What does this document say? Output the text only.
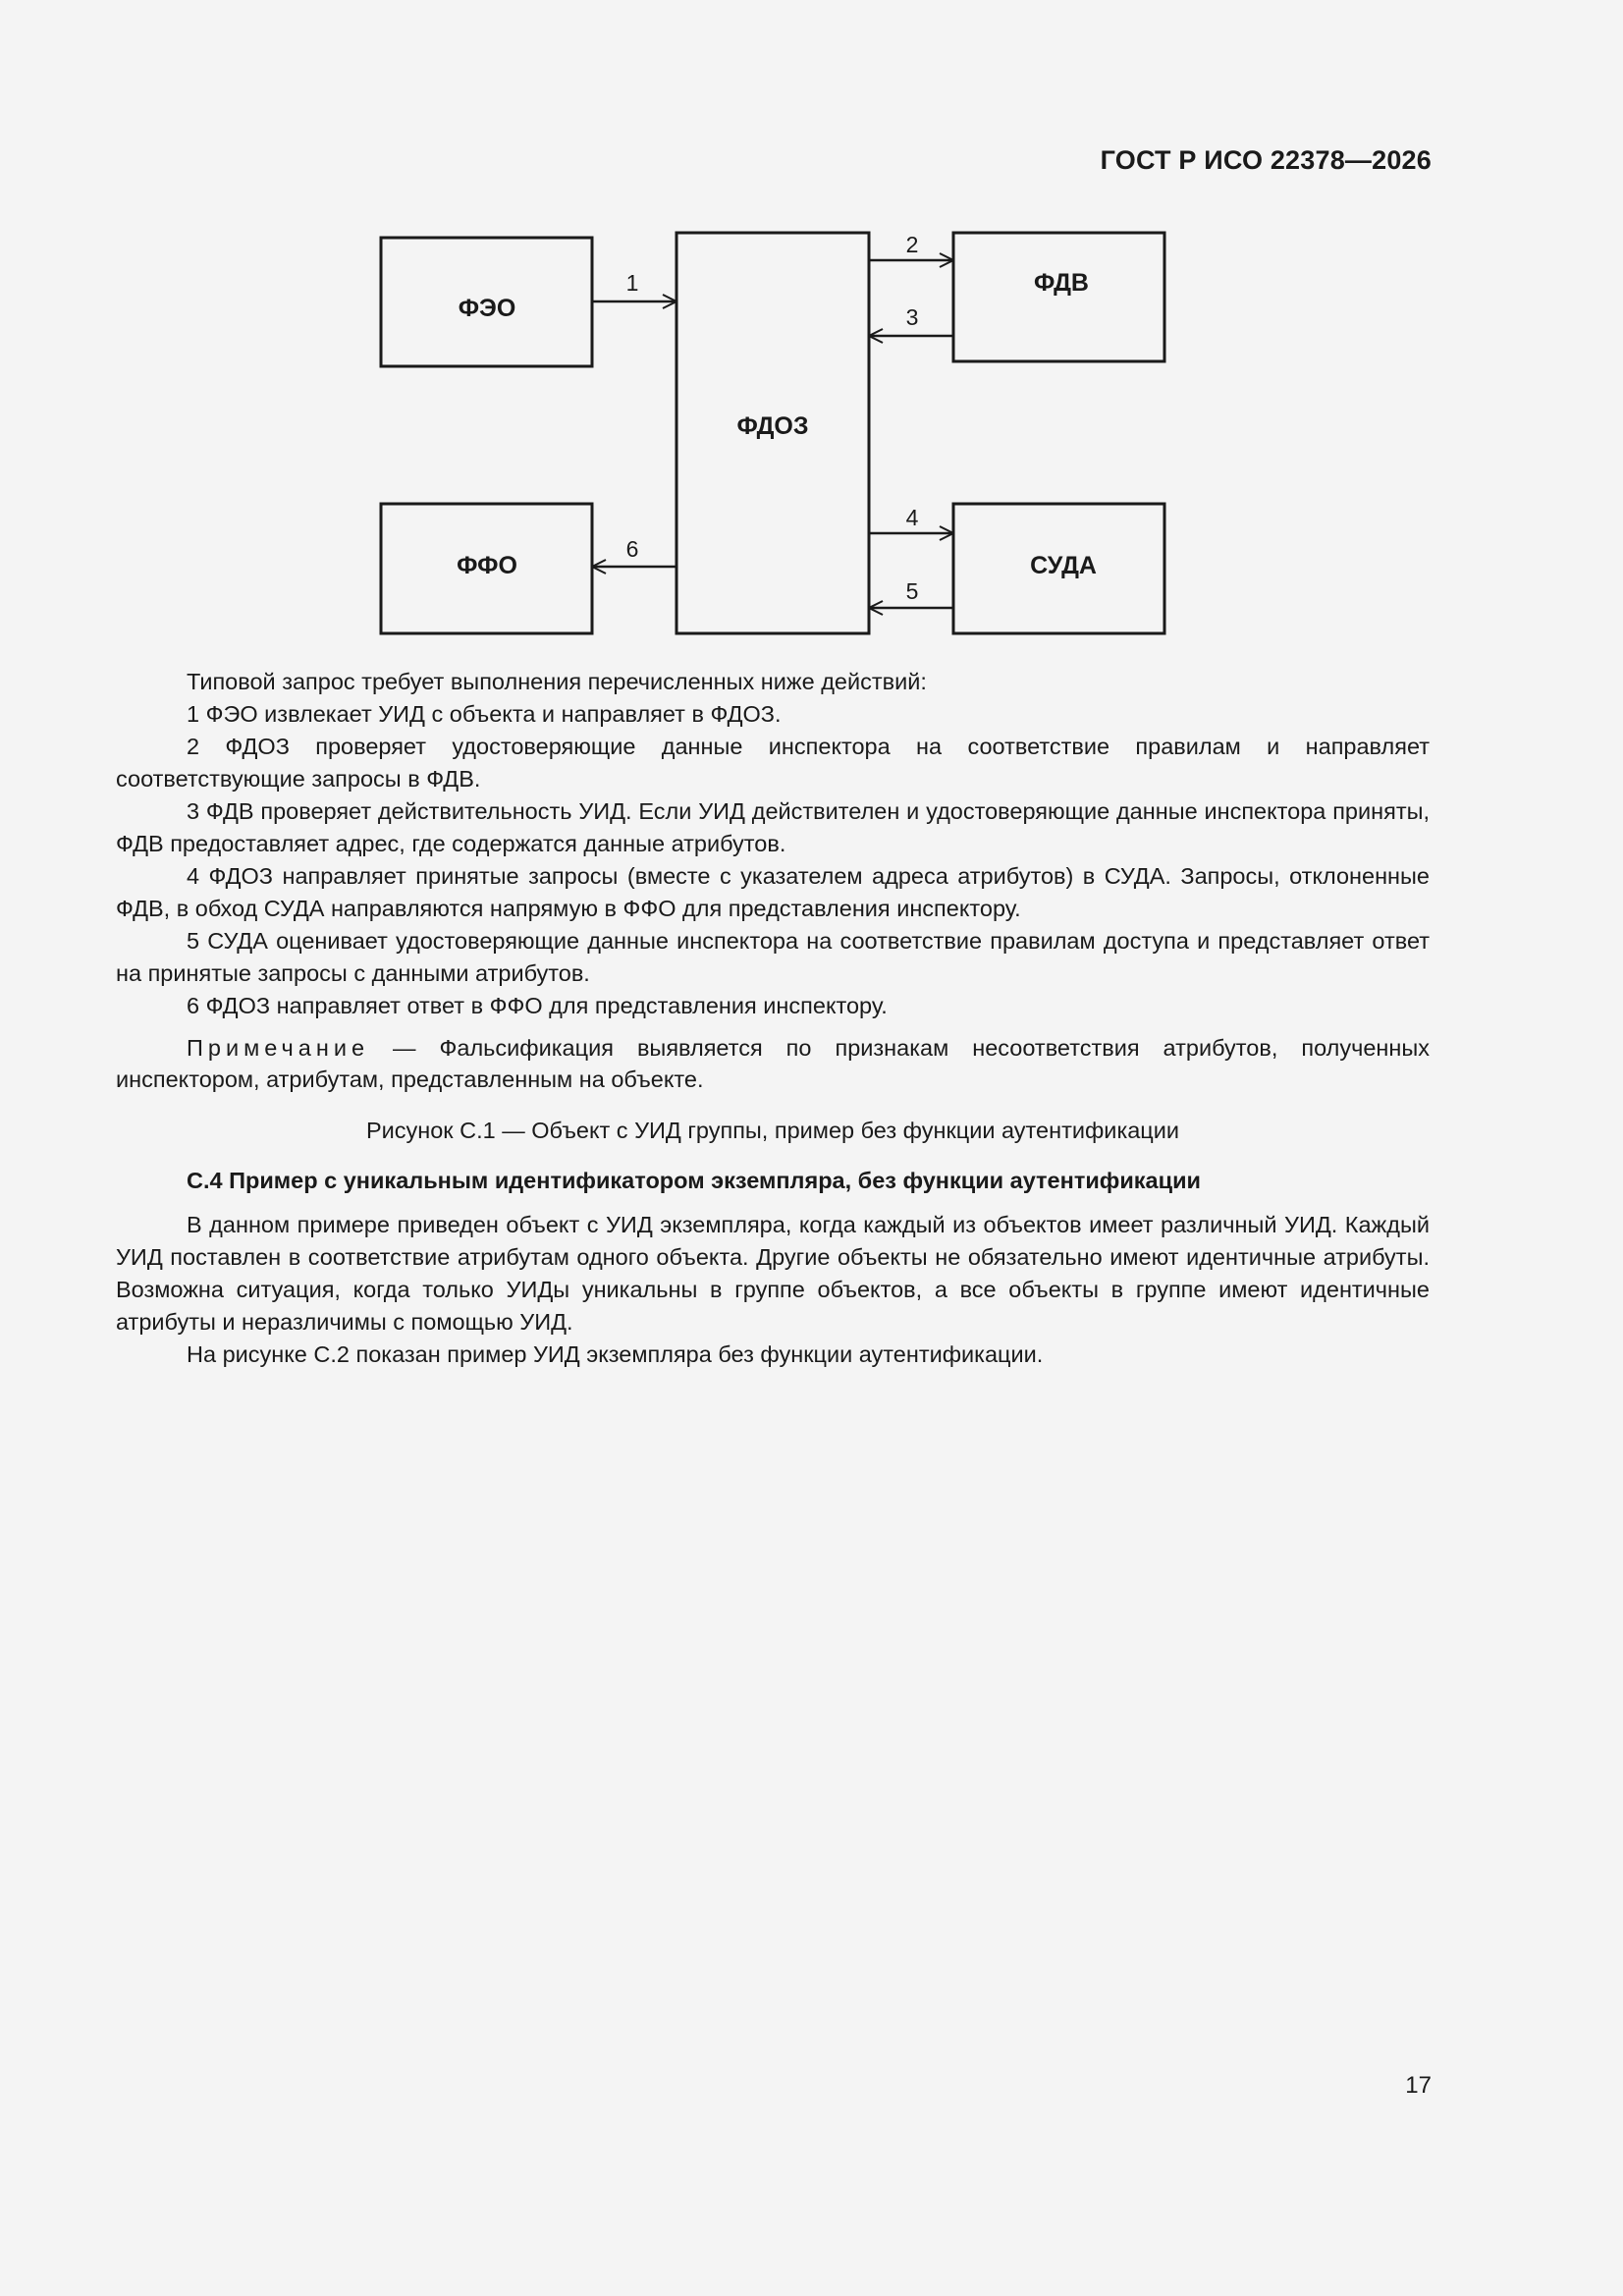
ГОСТ Р ИСО 22378—2026
ФЭО
ФДОЗ
ФДВ
ФФО	СУДА
1
2
3
4
5
6

Типовой запрос требует выполнения перечисленных ниже действий:

1 ФЭО извлекает УИД с объекта и направляет в ФДОЗ.

2 ФДОЗ проверяет удостоверяющие данные инспектора на соответствие правилам и направляет соответствующие запросы в ФДВ.

3 ФДВ проверяет действительность УИД. Если УИД действителен и удостоверяющие данные инспектора приняты, ФДВ предоставляет адрес, где содержатся данные атрибутов.

4 ФДОЗ направляет принятые запросы (вместе с указателем адреса атрибутов) в СУДА. Запросы, отклоненные ФДВ, в обход СУДА направляются напрямую в ФФО для представления инспектору.

5 СУДА оценивает удостоверяющие данные инспектора на соответствие правилам доступа и представляет ответ на принятые запросы с данными атрибутов.

6 ФДОЗ направляет ответ в ФФО для представления инспектору.

Примечание — Фальсификация выявляется по признакам несоответствия атрибутов, полученных инспектором, атрибутам, представленным на объекте.

Рисунок С.1 — Объект с УИД группы, пример без функции аутентификации

С.4 Пример с уникальным идентификатором экземпляра, без функции аутентификации

В данном примере приведен объект с УИД экземпляра, когда каждый из объектов имеет различный УИД. Каждый УИД поставлен в соответствие атрибутам одного объекта. Другие объекты не обязательно имеют идентичные атрибуты. Возможна ситуация, когда только УИДы уникальны в группе объектов, а все объекты в группе имеют идентичные атрибуты и неразличимы с помощью УИД.

На рисунке С.2 показан пример УИД экземпляра без функции аутентификации.

17
